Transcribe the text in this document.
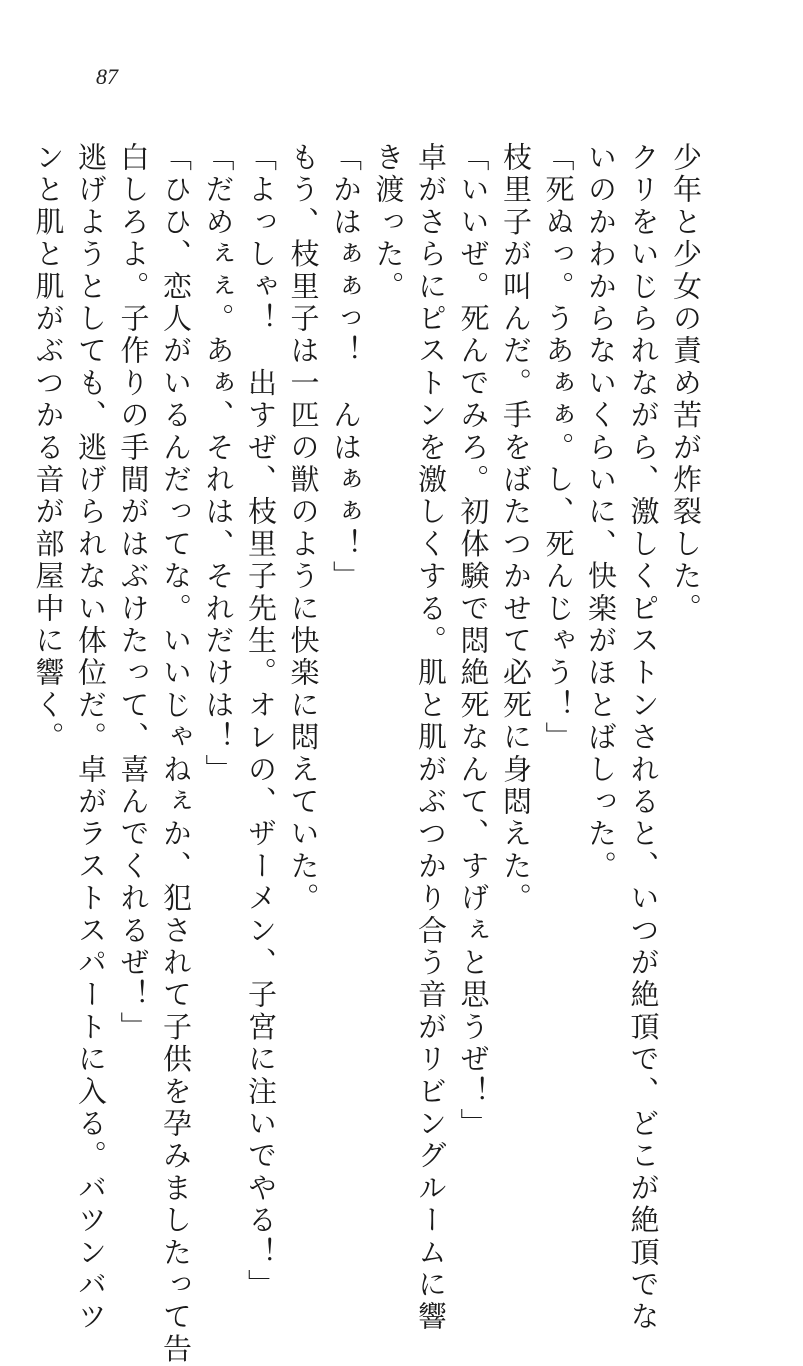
87
少年と少女の責め苦が炸裂した。
クリをいじられながら、激しくピストンされると、いつが絶頂で、どこが絶頂でな
いのかわからないくらいに、快楽がほとばしった。
「死ぬっ。うあぁぁ。し、死んじゃう！」
枝里子が叫んだ。手をばたつかせて必死に身悶えた。
「いいぜ。死んでみろ。初体験で悶絶死なんて、すげぇと思うぜ！」
卓がさらにピストンを激しくする。肌と肌がぶつかり合う音がリビングルームに響
き渡った。
「かはぁぁっ！　んはぁぁ！」
もう、枝里子は一匹の獣のように快楽に悶えていた。
「よっしゃ！　出すぜ、枝里子先生。オレの、ザーメン、子宮に注いでやる！」
「だめぇぇ。あぁ、それは、それだけは！」
「ひひ、恋人がいるんだってな。いいじゃねぇか、犯されて子供を孕みましたって告
白しろよ。子作りの手間がはぶけたって、喜んでくれるぜ！」
逃げようとしても、逃げられない体位だ。卓がラストスパートに入る。バツンバツ
ンと肌と肌がぶつかる音が部屋中に響く。
